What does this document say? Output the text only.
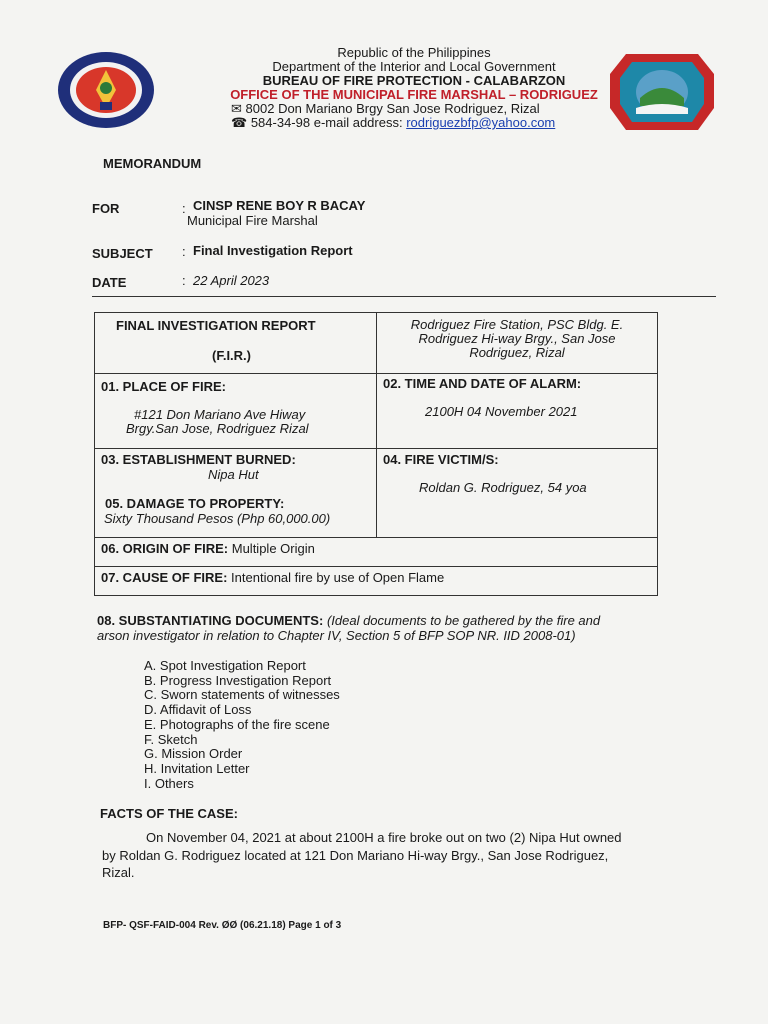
Republic of the Philippines
Department of the Interior and Local Government
BUREAU OF FIRE PROTECTION - CALABARZON
OFFICE OF THE MUNICIPAL FIRE MARSHAL – RODRIGUEZ
✉ 8002 Don Mariano Brgy San Jose Rodriguez, Rizal
☎ 584-34-98 e-mail address: rodriguezbfp@yahoo.com
MEMORANDUM
FOR	: CINSP RENE BOY R BACAY
Municipal Fire Marshal
SUBJECT : Final Investigation Report
DATE	: 22 April 2023
FINAL INVESTIGATION REPORT
(F.I.R.)
Rodriguez Fire Station, PSC Bldg. E.
Rodriguez Hi-way Brgy., San Jose
Rodriguez, Rizal
01. PLACE OF FIRE:
#121 Don Mariano Ave Hiway
Brgy.San Jose, Rodriguez Rizal
02. TIME AND DATE OF ALARM:
2100H 04 November 2021
03. ESTABLISHMENT BURNED:
Nipa Hut
04. FIRE VICTIM/S:
Roldan G. Rodriguez, 54 yoa
05. DAMAGE TO PROPERTY:
Sixty Thousand Pesos (Php 60,000.00)
06. ORIGIN OF FIRE: Multiple Origin
07. CAUSE OF FIRE: Intentional fire by use of Open Flame
08. SUBSTANTIATING DOCUMENTS: (Ideal documents to be gathered by the fire and
arson investigator in relation to Chapter IV, Section 5 of BFP SOP NR. IID 2008-01)
A. Spot Investigation Report
B. Progress Investigation Report
C. Sworn statements of witnesses
D. Affidavit of Loss
E. Photographs of the fire scene
F. Sketch
G. Mission Order
H. Invitation Letter
I. Others
FACTS OF THE CASE:
On November 04, 2021 at about 2100H a fire broke out on two (2) Nipa Hut owned
by Roldan G. Rodriguez located at 121 Don Mariano Hi-way Brgy., San Jose Rodriguez,
Rizal.
BFP- QSF-FAID-004 Rev. ØØ (06.21.18) Page 1 of 3
